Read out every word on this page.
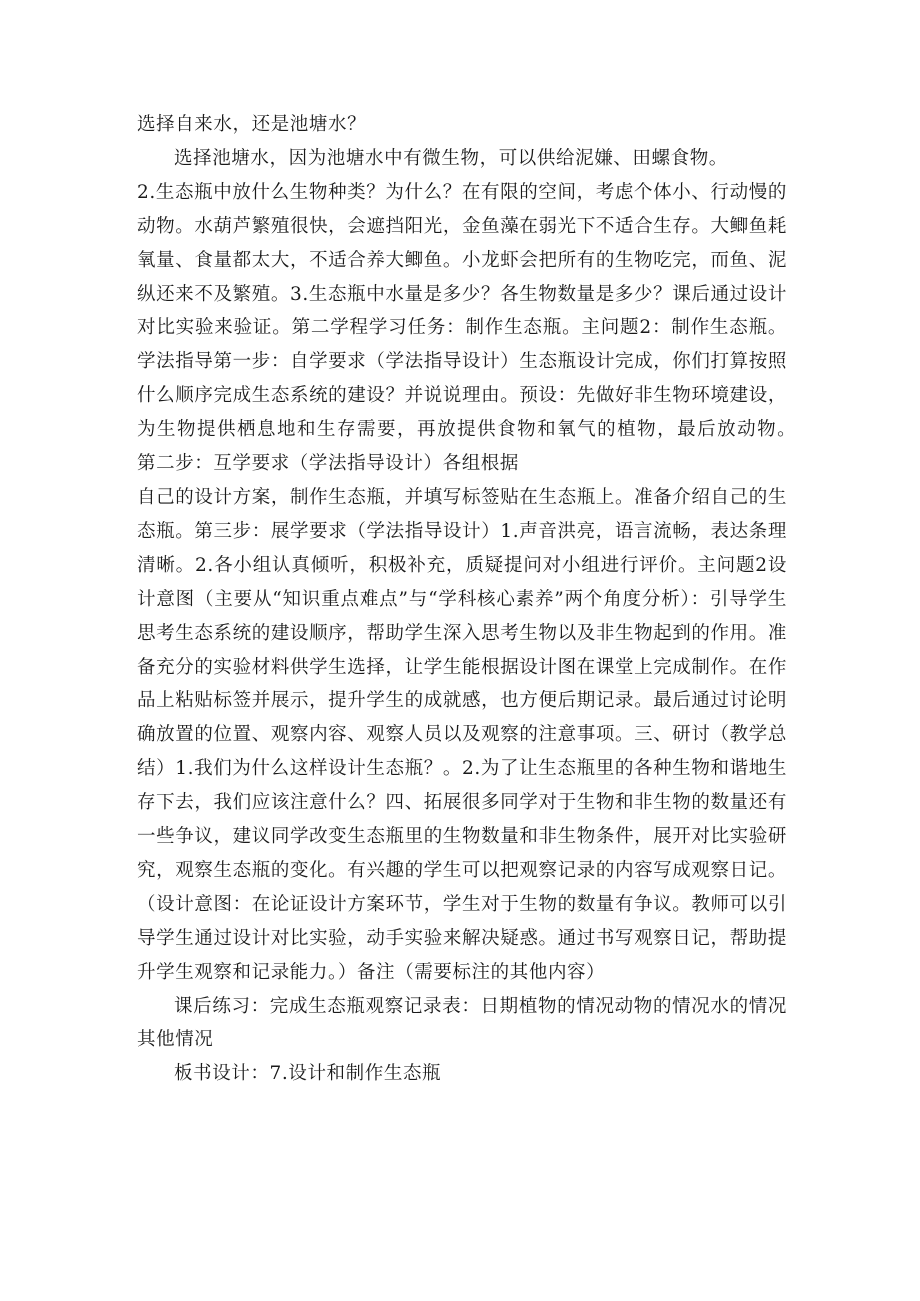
选择自来水，还是池塘水？

选择池塘水，因为池塘水中有微生物，可以供给泥嫌、田螺食物。

2.生态瓶中放什么生物种类？为什么？在有限的空间，考虑个体小、行动慢的动物。水葫芦繁殖很快，会遮挡阳光，金鱼藻在弱光下不适合生存。大鲫鱼耗氧量、食量都太大，不适合养大鲫鱼。小龙虾会把所有的生物吃完，而鱼、泥纵还来不及繁殖。3.生态瓶中水量是多少？各生物数量是多少？课后通过设计对比实验来验证。第二学程学习任务：制作生态瓶。主问题2：制作生态瓶。学法指导第一步：自学要求（学法指导设计）生态瓶设计完成，你们打算按照什么顺序完成生态系统的建设？并说说理由。预设：先做好非生物环境建设，为生物提供栖息地和生存需要，再放提供食物和氧气的植物，最后放动物。　　　第二步：互学要求（学法指导设计）各组根据

自己的设计方案，制作生态瓶，并填写标签贴在生态瓶上。准备介绍自己的生态瓶。第三步：展学要求（学法指导设计）1.声音洪亮，语言流畅，表达条理清晰。2.各小组认真倾听，积极补充，质疑提问对小组进行评价。主问题2设计意图（主要从“知识重点难点”与“学科核心素养”两个角度分析）：引导学生思考生态系统的建设顺序，帮助学生深入思考生物以及非生物起到的作用。准备充分的实验材料供学生选择，让学生能根据设计图在课堂上完成制作。在作品上粘贴标签并展示，提升学生的成就感，也方便后期记录。最后通过讨论明确放置的位置、观察内容、观察人员以及观察的注意事项。三、研讨（教学总结）1.我们为什么这样设计生态瓶？。2.为了让生态瓶里的各种生物和谐地生存下去，我们应该注意什么？四、拓展很多同学对于生物和非生物的数量还有一些争议，建议同学改变生态瓶里的生物数量和非生物条件，展开对比实验研究，观察生态瓶的变化。有兴趣的学生可以把观察记录的内容写成观察日记。（设计意图：在论证设计方案环节，学生对于生物的数量有争议。教师可以引导学生通过设计对比实验，动手实验来解决疑惑。通过书写观察日记，帮助提升学生观察和记录能力。）备注（需要标注的其他内容）

课后练习：完成生态瓶观察记录表：日期植物的情况动物的情况水的情况其他情况

板书设计：7.设计和制作生态瓶
